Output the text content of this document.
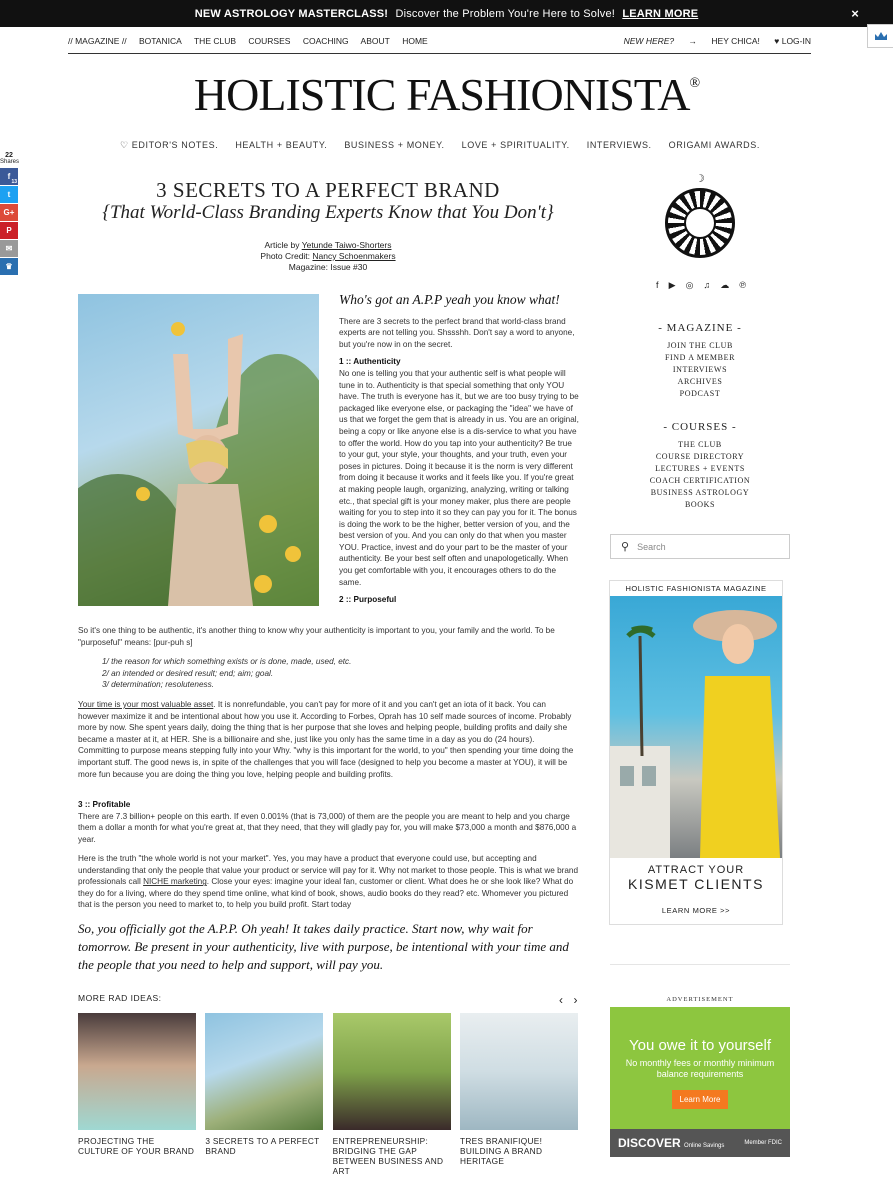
NEW ASTROLOGY MASTERCLASS! Discover the Problem You're Here to Solve! LEARN MORE	×
// MAGAZINE // BOTANICA THE CLUB COURSES COACHING ABOUT HOME	NEW HERE? → HEY CHICA! ♥ LOG-IN
HOLISTIC FASHIONISTA®
♡ EDITOR'S NOTES. HEALTH + BEAUTY. BUSINESS + MONEY. LOVE + SPIRITUALITY. INTERVIEWS. ORIGAMI AWARDS.
22
Shares
f
13
t
G+
P
✉
♛
3 SECRETS TO A PERFECT BRAND
{That World-Class Branding Experts Know that You Don't}
Article by Yetunde Taiwo-Shorters
Photo Credit: Nancy Schoenmakers
Magazine: Issue #30
Who's got an A.P.P yeah you know what!

There are 3 secrets to the perfect brand that world-class brand experts are not telling you. Shssshh. Don't say a word to anyone, but you're now in on the secret.

1 :: Authenticity

No one is telling you that your authentic self is what people will tune in to. Authenticity is that special something that only YOU have. The truth is everyone has it, but we are too busy trying to be packaged like everyone else, or packaging the "idea" we have of us that we forget the gem that is already in us. You are an original, being a copy or like anyone else is a dis-service to what you have to offer the world. How do you tap into your authenticity? Be true to your gut, your style, your thoughts, and your truth, even your poses in pictures. Doing it because it is the norm is very different from doing it because it works and it feels like you. If you're great at making people laugh, organizing, analyzing, writing or talking etc., that special gift is your money maker, plus there are people waiting for you to step into it so they can pay you for it. The bonus is doing the work to be the higher, better version of you, and the best version of you. And you can only do that when you master YOU. Practice, invest and do your part to be the master of your authenticity. Be your best self often and unapologetically. When you get comfortable with you, it encourages others to do the same.

2 :: Purposeful
So it's one thing to be authentic, it's another thing to know why your authenticity is important to you, your family and the world. To be "purposeful" means: [pur-puh s]
1/ the reason for which something exists or is done, made, used, etc.
2/ an intended or desired result; end; aim; goal.
3/ determination; resoluteness.
Your time is your most valuable asset. It is nonrefundable, you can't pay for more of it and you can't get an iota of it back. You can however maximize it and be intentional about how you use it. According to Forbes, Oprah has 10 self made sources of income. Probably more by now. She spent years daily, doing the thing that is her purpose that she loves and helping people, building profits and daily she became a master at it, at HER. She is a billionaire and she, just like you only has the same time in a day as you do (24 hours). Committing to purpose means stepping fully into your Why. "why is this important for the world, to you" then spending your time doing the important stuff. The good news is, in spite of the challenges that you will face (designed to help you become a master at YOU), it will be more fun because you are doing the thing you love, helping people and building profits.
3 :: Profitable
There are 7.3 billion+ people on this earth. If even 0.001% (that is 73,000) of them are the people you are meant to help and you charge them a dollar a month for what you're great at, that they need, that they will gladly pay for, you will make $73,000 a month and $876,000 a year.
Here is the truth "the whole world is not your market". Yes, you may have a product that everyone could use, but accepting and understanding that only the people that value your product or service will pay for it. Why not market to those people. This is what we brand professionals call NICHE marketing. Close your eyes: imagine your ideal fan, customer or client. What does he or she look like? What do they do for a living, where do they spend time online, what kind of book, shows, audio books do they read? etc. Whomever you pictured that is the person you need to market to, to help you build profit. Start today
So, you officially got the A.P.P. Oh yeah! It takes daily practice. Start now, why wait for tomorrow. Be present in your authenticity, live with purpose, be intentional with your time and the people that you need to help and support, will pay you.
MORE RAD IDEAS:	‹ ›
PROJECTING THE CULTURE OF YOUR BRAND
3 SECRETS TO A PERFECT BRAND
ENTREPRENEURSHIP: BRIDGING THE GAP BETWEEN BUSINESS AND ART
TRES BRANIFIQUE! BUILDING A BRAND HERITAGE
☽
f ▶ ◎ ♫ ☁ ℗
- MAGAZINE -
JOIN THE CLUB
FIND A MEMBER
INTERVIEWS
ARCHIVES
PODCAST
- COURSES -
THE CLUB
COURSE DIRECTORY
LECTURES + EVENTS
COACH CERTIFICATION
BUSINESS ASTROLOGY
BOOKS
⚲ Search
HOLISTIC FASHIONISTA MAGAZINE
ATTRACT YOUR
KISMET CLIENTS
LEARN MORE >>
ADVERTISEMENT
You owe it to yourself
No monthly fees or monthly minimum balance requirements
Learn More
DISCOVER Online Savings	Member FDIC
